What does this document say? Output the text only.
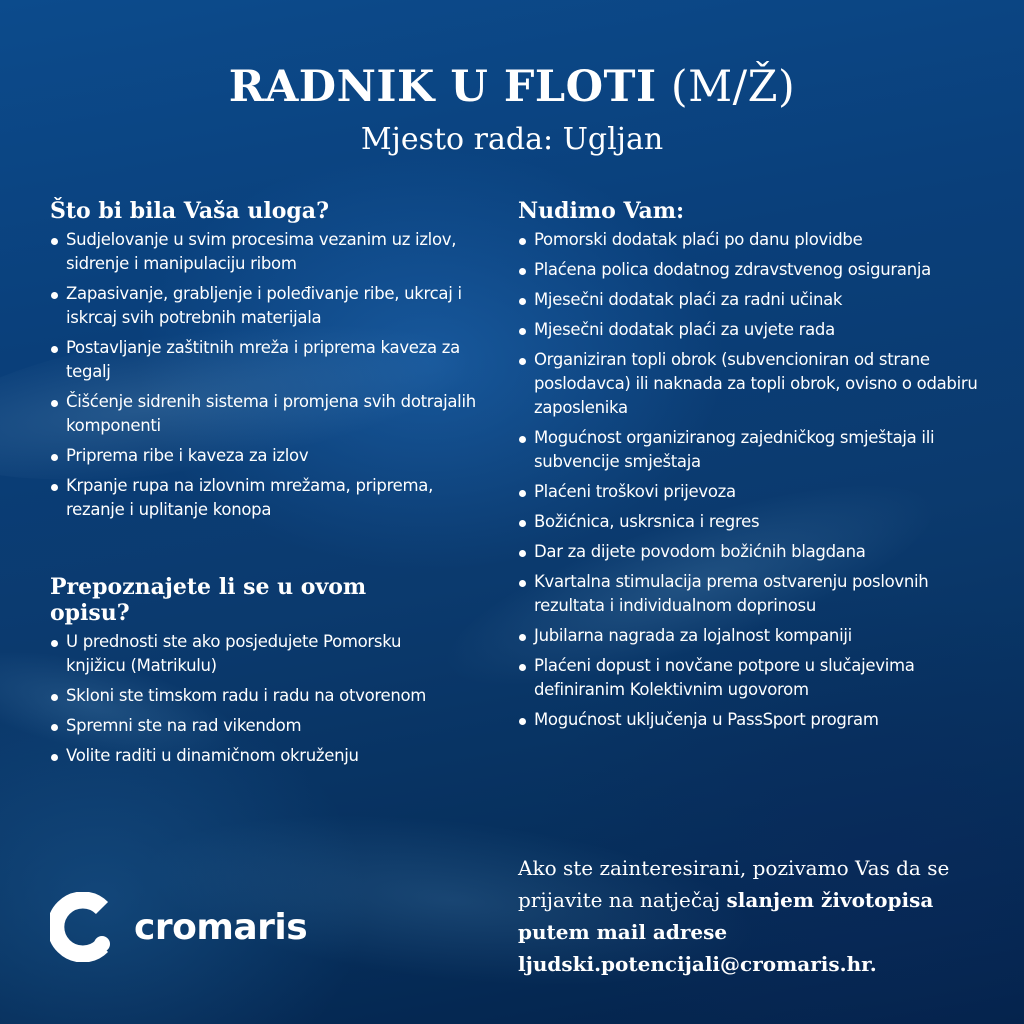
RADNIK U FLOTI (M/Ž)
Mjesto rada: Ugljan
Što bi bila Vaša uloga?
Sudjelovanje u svim procesima vezanim uz izlov, sidrenje i manipulaciju ribom
Zapasivanje, grabljenje i polеđivanje ribe, ukrcaj i iskrcaj svih potrebnih materijala
Postavljanje zaštitnih mreža i priprema kaveza za tegalj
Čišćenje sidrenih sistema i promjena svih dotrajalih komponenti
Priprema ribe i kaveza za izlov
Krpanje rupa na izlovnim mrežama, priprema, rezanje i uplitanje konopa
Prepoznajete li se u ovom opisu?
U prednosti ste ako posjedujete Pomorsku knjižicu (Matrikulu)
Skloni ste timskom radu i radu na otvorenom
Spremni ste na rad vikendom
Volite raditi u dinamičnom okruženju
Nudimo Vam:
Pomorski dodatak plaći po danu plovidbe
Plaćena polica dodatnog zdravstvenog osiguranja
Mjesečni dodatak plaći za radni učinak
Mjesečni dodatak plaći za uvjete rada
Organiziran topli obrok (subvencioniran od strane poslodavca) ili naknada za topli obrok, ovisno o odabiru zaposlenika
Mogućnost organiziranog zajedničkog smještaja ili subvencije smještaja
Plaćeni troškovi prijevoza
Božićnica, uskrsnica i regres
Dar za dijete povodom božićnih blagdana
Kvartalna stimulacija prema ostvarenju poslovnih rezultata i individualnom doprinosu
Jubilarna nagrada za lojalnost kompaniji
Plaćeni dopust i novčane potpore u slučajevima definiranim Kolektivnim ugovorom
Mogućnost uključenja u PassSport program
Ako ste zainteresirani, pozivamo Vas da se prijavite na natječaj slanjem životopisa putem mail adrese ljudski.potencijali@cromaris.hr.
cromaris
